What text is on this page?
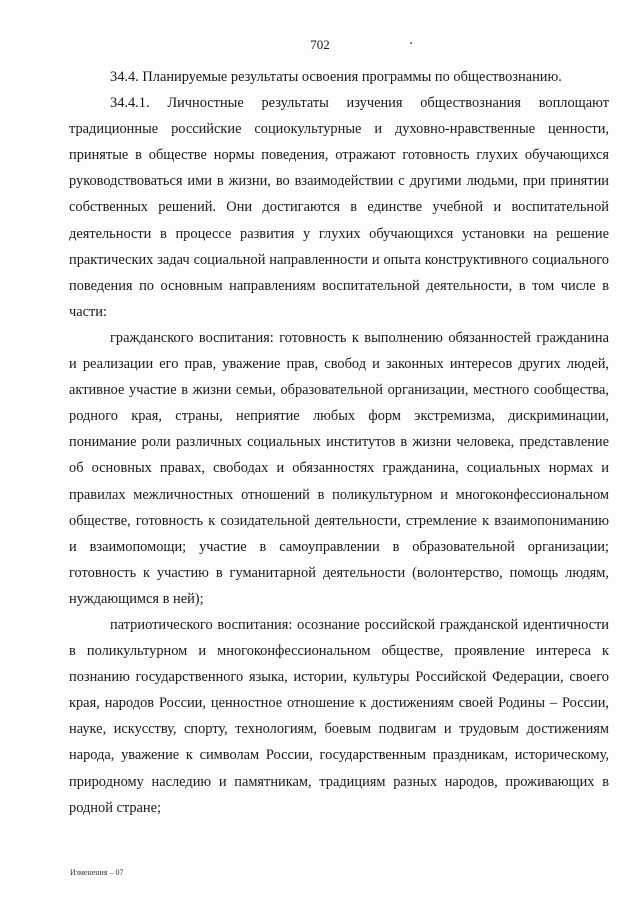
702

34.4. Планируемые результаты освоения программы по обществознанию.

34.4.1. Личностные результаты изучения обществознания воплощают традиционные российские социокультурные и духовно-нравственные ценности, принятые в обществе нормы поведения, отражают готовность глухих обучающихся руководствоваться ими в жизни, во взаимодействии с другими людьми, при принятии собственных решений. Они достигаются в единстве учебной и воспитательной деятельности в процессе развития у глухих обучающихся установки на решение практических задач социальной направленности и опыта конструктивного социального поведения по основным направлениям воспитательной деятельности, в том числе в части:

гражданского воспитания: готовность к выполнению обязанностей гражданина и реализации его прав, уважение прав, свобод и законных интересов других людей, активное участие в жизни семьи, образовательной организации, местного сообщества, родного края, страны, неприятие любых форм экстремизма, дискриминации, понимание роли различных социальных институтов в жизни человека, представление об основных правах, свободах и обязанностях гражданина, социальных нормах и правилах межличностных отношений в поликультурном и многоконфессиональном обществе, готовность к созидательной деятельности, стремление к взаимопониманию и взаимопомощи; участие в самоуправлении в образовательной организации; готовность к участию в гуманитарной деятельности (волонтерство, помощь людям, нуждающимся в ней);

патриотического воспитания: осознание российской гражданской идентичности в поликультурном и многоконфессиональном обществе, проявление интереса к познанию государственного языка, истории, культуры Российской Федерации, своего края, народов России, ценностное отношение к достижениям своей Родины – России, науке, искусству, спорту, технологиям, боевым подвигам и трудовым достижениям народа, уважение к символам России, государственным праздникам, историческому, природному наследию и памятникам, традициям разных народов, проживающих в родной стране;

Изменения – 07
